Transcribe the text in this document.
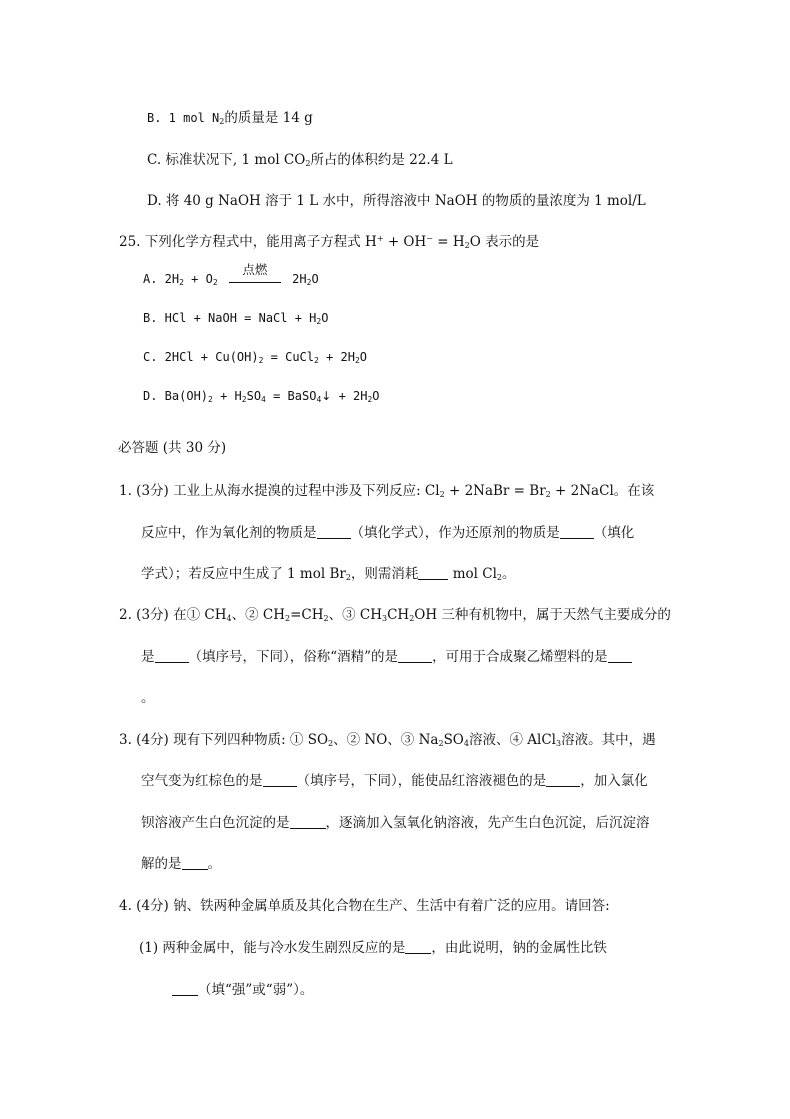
B. 1 mol $N_2$的质量是 14 g
C. 标准状况下, 1 mol $CO_2$所占的体积约是 22.4 L
D. 将 40 g NaOH 溶于 1 L 水中，所得溶液中 NaOH 的物质的量浓度为 1 mol/L
25. 下列化学方程式中，能用离子方程式 $H^+ + OH^- = H_2O$ 表示的是
A. $2H_2 + O_2$
点燃
$2H_2O$
B. HCl + NaOH = NaCl + $H_2O$
C. $2HCl + Cu(OH)_2$ = CuCl$_2$ + $2H_2O$
D. $Ba(OH)_2 + H_2SO_4$ = BaSO$_4$↓ + $2H_2O$
必答题 (共 30 分)
1. (3分) 工业上从海水提溴的过程中涉及下列反应: $Cl_2$ + 2NaBr = $Br_2$ + 2NaCl。在该
反应中，作为氧化剂的物质是	（填化学式），作为还原剂的物质是	（填化
学式）；若反应中生成了 1 mol $Br_2$，则需消耗 mol $Cl_2$。
2. (3分) 在① $CH_4$、② $CH_2=CH_2$、③ $CH_3CH_2OH$ 三种有机物中，属于天然气主要成分的
是	（填序号，下同），俗称“酒精”的是	，可用于合成聚乙烯塑料的是
。
3. (4分) 现有下列四种物质: ① $SO_2$、② NO、③ $Na_2SO_4$溶液、④ AlCl$_3$溶液。其中，遇
空气变为红棕色的是	（填序号，下同），能使品红溶液褪色的是	，加入氯化
钡溶液产生白色沉淀的是	，逐滴加入氢氧化钠溶液，先产生白色沉淀，后沉淀溶
解的是 。
4. (4分) 钠、铁两种金属单质及其化合物在生产、生活中有着广泛的应用。请回答:
(1) 两种金属中，能与冷水发生剧烈反应的是 ，由此说明，钠的金属性比铁
（填“强”或“弱”）。
